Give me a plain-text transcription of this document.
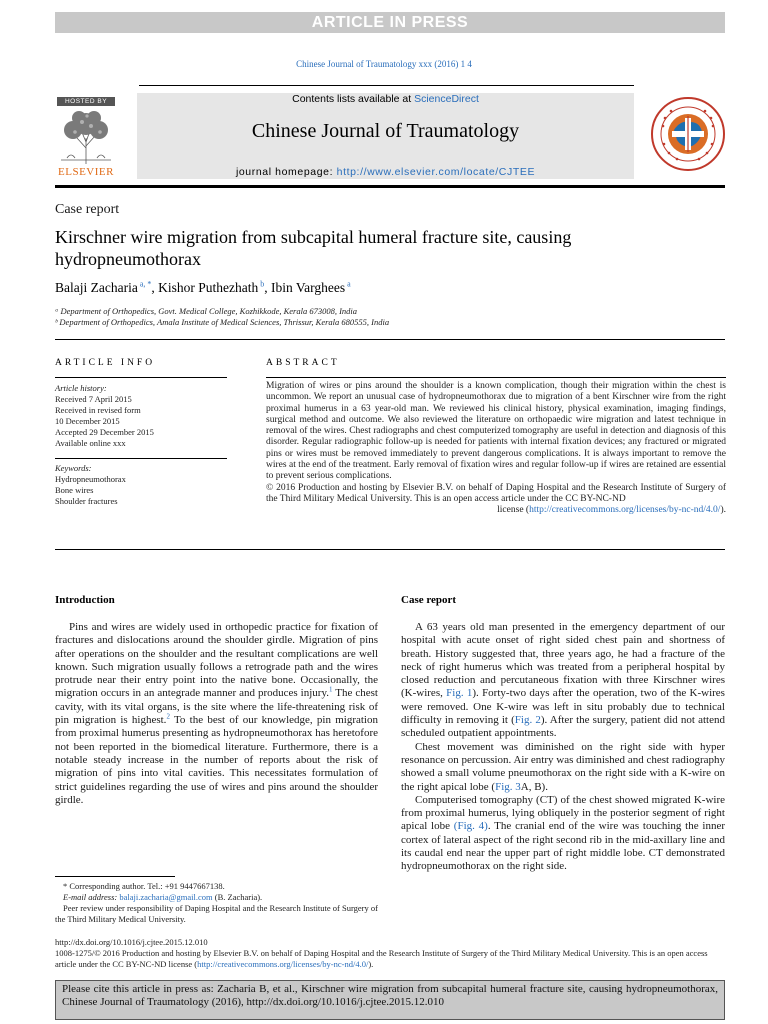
ARTICLE IN PRESS
Chinese Journal of Traumatology xxx (2016) 1 4
HOSTED BY
ELSEVIER
Contents lists available at ScienceDirect
Chinese Journal of Traumatology
journal homepage: http://www.elsevier.com/locate/CJTEE
Case report
Kirschner wire migration from subcapital humeral fracture site, causing hydropneumothorax
Balaji Zacharia $^{a, *}$, Kishor Puthezhath $^b$, Ibin Varghees $^a$
ᵃ Department of Orthopedics, Govt. Medical College, Kozhikkode, Kerala 673008, India
ᵇ Department of Orthopedics, Amala Institute of Medical Sciences, Thrissur, Kerala 680555, India
ARTICLE INFO
Article history:
Received 7 April 2015
Received in revised form
10 December 2015
Accepted 29 December 2015
Available online xxx
Keywords:
Hydropneumothorax
Bone wires
Shoulder fractures
ABSTRACT
Migration of wires or pins around the shoulder is a known complication, though their migration within the chest is uncommon. We report an unusual case of hydropneumothorax due to migration of a bent Kirschner wire from the right proximal humerus in a 63 year-old man. We reviewed his clinical history, physical examination, imaging findings, surgical method and outcome. We also reviewed the literature on orthopaedic wire migration and latest technique in removal of the wires. Chest radiographs and chest computerized tomography are useful in detection and diagnosis of this disorder. Regular radiographic follow-up is needed for patients with internal fixation devices; any fractured or migrated pins or wires must be removed immediately to prevent dangerous complications. It is always important to remove the wires at the end of the treatment. Early removal of fixation wires and regular follow-up if wires are retained are essential to prevent serious complications.
© 2016 Production and hosting by Elsevier B.V. on behalf of Daping Hospital and the Research Institute of Surgery of the Third Military Medical University. This is an open access article under the CC BY-NC-ND
license (http://creativecommons.org/licenses/by-nc-nd/4.0/).
Introduction

Pins and wires are widely used in orthopedic practice for fixation of fractures and dislocations around the shoulder girdle. Migration of pins after operations on the shoulder and the resultant complications are well known. Such migration usually follows a retrograde path and the wires protrude near their entry point into the native bone. Occasionally, the migration occurs in an antegrade manner and produces injury.$^1$ The chest cavity, with its vital organs, is the site where the life-threatening risk of pin migration is highest.$^2$ To the best of our knowledge, pin migration from proximal humerus presenting as hydropneumothorax has heretofore not been reported in the biomedical literature. Furthermore, there is a notable steady increase in the number of reports about the risk of migration of pins into vital cavities. This necessitates formulation of strict guidelines regarding the use of wires and pins around the shoulder girdle.

Case report

A 63 years old man presented in the emergency department of our hospital with acute onset of right sided chest pain and shortness of breath. History suggested that, three years ago, he had a fracture of the neck of right humerus which was treated from a peripheral hospital by closed reduction and percutaneous fixation with three Kirschner wires (K-wires, Fig. 1). Forty-two days after the operation, two of the K-wires were removed. One K-wire was left in situ probably due to technical difficulty in removing it (Fig. 2). After the surgery, patient did not attend scheduled outpatient appointments.

Chest movement was diminished on the right side with hyper resonance on percussion. Air entry was diminished and chest radiography showed a small volume pneumothorax on the right side with a K-wire on the right apical lobe (Fig. 3A, B).

Computerised tomography (CT) of the chest showed migrated K-wire from proximal humerus, lying obliquely in the posterior segment of right apical lobe (Fig. 4). The cranial end of the wire was touching the inner cortex of lateral aspect of the right second rib in the mid-axillary line and its caudal end near the upper part of right middle lobe. CT demonstrated hydropneumothorax on the right side.

* Corresponding author. Tel.: +91 9447667138.
E-mail address: balaji.zacharia@gmail.com (B. Zacharia).
Peer review under responsibility of Daping Hospital and the Research Institute of Surgery of the Third Military Medical University.
http://dx.doi.org/10.1016/j.cjtee.2015.12.010
1008-1275/© 2016 Production and hosting by Elsevier B.V. on behalf of Daping Hospital and the Research Institute of Surgery of the Third Military Medical University. This is an open access article under the CC BY-NC-ND license (http://creativecommons.org/licenses/by-nc-nd/4.0/).
Please cite this article in press as: Zacharia B, et al., Kirschner wire migration from subcapital humeral fracture site, causing hydropneumothorax, Chinese Journal of Traumatology (2016), http://dx.doi.org/10.1016/j.cjtee.2015.12.010
